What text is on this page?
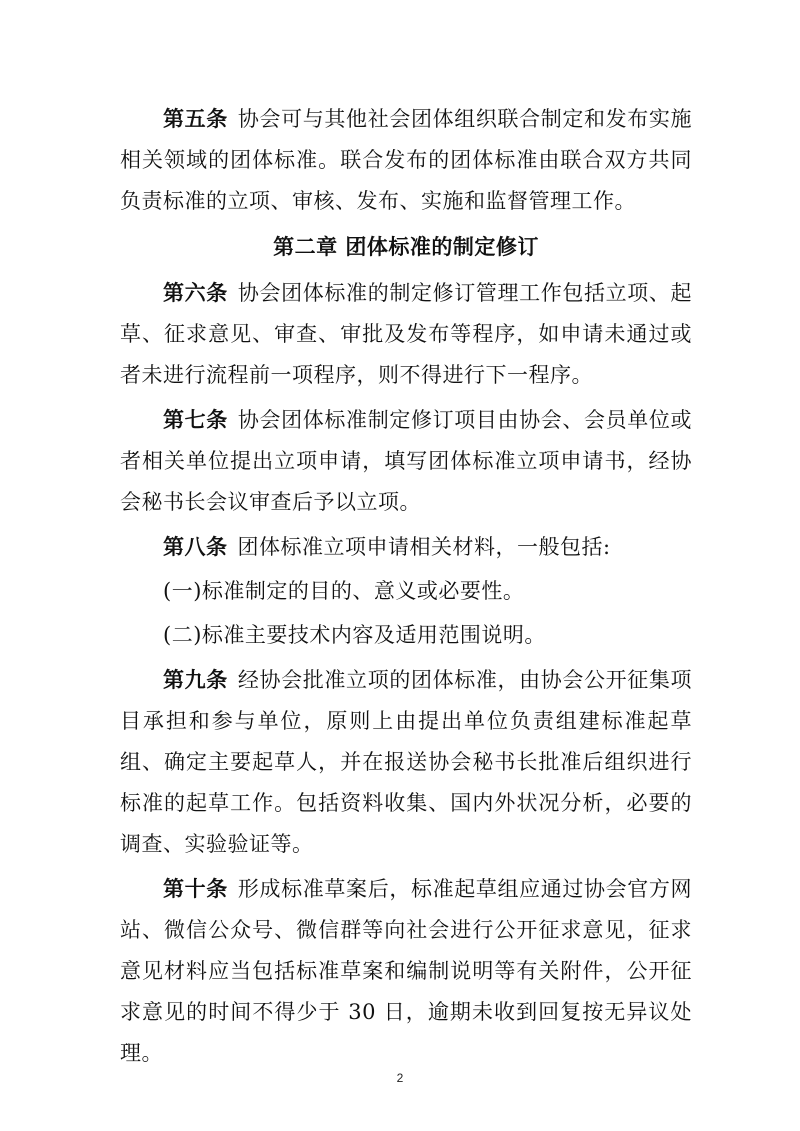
第五条 协会可与其他社会团体组织联合制定和发布实施相关领域的团体标准。联合发布的团体标准由联合双方共同负责标准的立项、审核、发布、实施和监督管理工作。

第二章 团体标准的制定修订

第六条 协会团体标准的制定修订管理工作包括立项、起草、征求意见、审查、审批及发布等程序，如申请未通过或者未进行流程前一项程序，则不得进行下一程序。

第七条 协会团体标准制定修订项目由协会、会员单位或者相关单位提出立项申请，填写团体标准立项申请书，经协会秘书长会议审查后予以立项。

第八条 团体标准立项申请相关材料，一般包括:

(一)标准制定的目的、意义或必要性。

(二)标准主要技术内容及适用范围说明。

第九条 经协会批准立项的团体标准，由协会公开征集项目承担和参与单位，原则上由提出单位负责组建标准起草组、确定主要起草人，并在报送协会秘书长批准后组织进行标准的起草工作。包括资料收集、国内外状况分析，必要的调查、实验验证等。

第十条 形成标准草案后，标准起草组应通过协会官方网站、微信公众号、微信群等向社会进行公开征求意见，征求意见材料应当包括标准草案和编制说明等有关附件，公开征求意见的时间不得少于 30 日，逾期未收到回复按无异议处理。

2
